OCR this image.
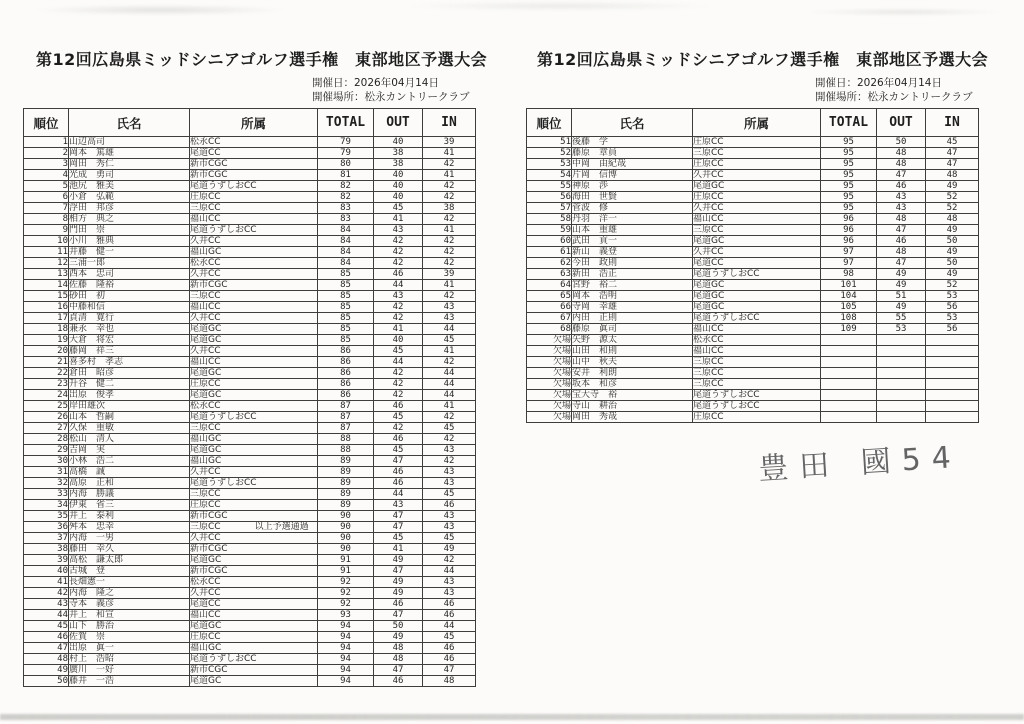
第12回広島県ミッドシニアゴルフ選手権　東部地区予選大会
開催日：2026年04月14日
開催場所：松永カントリークラブ
順位	氏名	所属	TOTAL	OUT	IN
1	山辺高司	松永CC	79	40	39
2	岡本　篤雄	尾道CC	79	38	41
3	岡田　秀仁	新市CGC	80	38	42
4	光成　勇司	新市CGC	81	40	41
5	池尻　雅美	尾道うずしおCC	82	40	42
6	小倉　弘範	庄原CC	82	40	42
7	浮田　邦彦	三原CC	83	45	38
8	相方　典之	福山CC	83	41	42
9	門田　崇	尾道うずしおCC	84	43	41
10	小川　雅典	久井CC	84	42	42
11	井藤　健一	福山GC	84	42	42
12	三浦一郎	松永CC	84	42	42
13	西本　忠司	久井CC	85	46	39
14	佐藤　隆裕	新市CGC	85	44	41
15	砂田　初	三原CC	85	43	42
16	中藤和信	福山CC	85	42	43
17	貞清　寛行	久井CC	85	42	43
18	兼永　幸也	尾道GC	85	41	44
19	大倉　将宏	尾道GC	85	40	45
20	藤岡　祥三	久井CC	86	45	41
21	喜多村　孝志	福山CC	86	44	42
22	倉田　昭彦	尾道GC	86	42	44
23	升谷　健二	庄原CC	86	42	44
24	出原　俊孝	尾道GC	86	42	44
25	岸田雄次	松永CC	87	46	41
26	山本　哲嗣	尾道うずしおCC	87	45	42
27	久保　重敏	三原CC	87	42	45
28	松山　清人	福山GC	88	46	42
29	吉岡　実	尾道GC	88	45	43
30	小林　浩二	福山GC	89	47	42
31	高橋　誠	久井CC	89	46	43
32	高原　正和	尾道うずしおCC	89	46	43
33	内海　勝議	三原CC	89	44	45
34	伊東　省三	庄原CC	89	43	46
35	井上　泰利	新市CGC	90	47	43
36	舛本　忠幸	三原CC 以上予選通過	90	47	43
37	内海　一男	久井CC	90	45	45
38	藤田　幸久	新市CGC	90	41	49
39	高松　謙太郎	尾道GC	91	49	42
40	古城　登	新市CGC	91	47	44
41	長畑憲一	松永CC	92	49	43
42	内海　隆之	久井CC	92	49	43
43	寺本　義彦	尾道CC	92	46	46
44	井上　和宣	福山CC	93	47	46
45	山下　勝治	尾道GC	94	50	44
46	佐賀　崇	庄原CC	94	49	45
47	出原　眞一	福山GC	94	48	46
48	村上　浩昭	尾道うずしおCC	94	48	46
49	廣川　一好	新市CGC	94	47	47
50	藤井　一浩	尾道GC	94	46	48
第12回広島県ミッドシニアゴルフ選手権　東部地区予選大会
開催日：2026年04月14日
開催場所：松永カントリークラブ
順位	氏名	所属	TOTAL	OUT	IN
51	後藤　学	庄原CC	95	50	45
52	藤原　章員	三原CC	95	48	47
53	中岡　由紀哉	庄原CC	95	48	47
54	片岡　信博	久井CC	95	47	48
55	神原　渉	尾道GC	95	46	49
56	海田　世賢	庄原CC	95	43	52
57	菅波　修	久井CC	95	43	52
58	丹羽　洋一	福山CC	96	48	48
59	山本　重雄	三原CC	96	47	49
60	武田　貢一	尾道GC	96	46	50
61	新山　義登	久井CC	97	48	49
62	今田　政則	尾道CC	97	47	50
63	新田　浩正	尾道うずしおCC	98	49	49
64	宮野　裕二	尾道GC	101	49	52
65	岡本　浩明	尾道GC	104	51	53
66	寺岡　幸雄	尾道GC	105	49	56
67	内田　正則	尾道うずしおCC	108	55	53
68	藤原　眞司	福山CC	109	53	56
欠場	矢野　源太	松永CC			
欠場	山田　和則	福山CC			
欠場	山中　秋夫	三原CC			
欠場	安井　利朗	三原CC			
欠場	坂本　和彦	三原CC			
欠場	宝大寺　裕	尾道うずしおCC			
欠場	寺山　耕治	尾道うずしおCC			
欠場	岡田　秀哉	庄原CC			
豊田 國54
